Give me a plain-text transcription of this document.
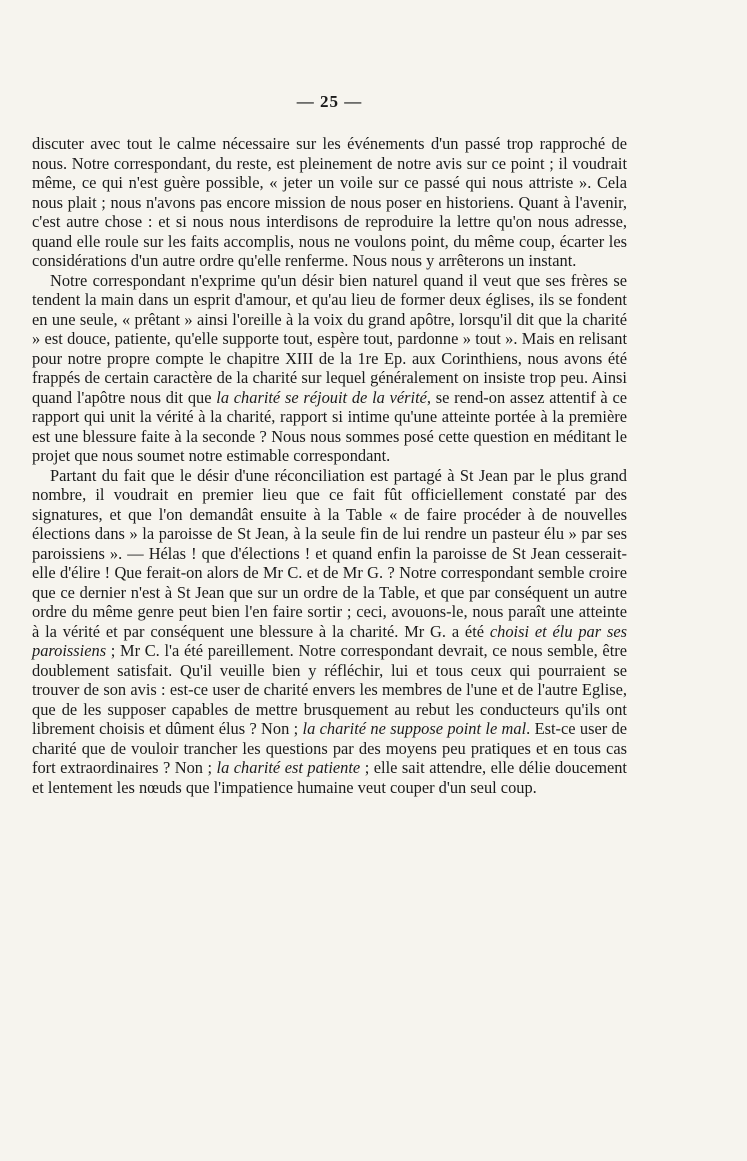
— 25 —

discuter avec tout le calme nécessaire sur les événements d'un passé trop rapproché de nous. Notre correspondant, du reste, est pleinement de notre avis sur ce point ; il voudrait même, ce qui n'est guère possible, « jeter un voile sur ce passé qui nous attriste ». Cela nous plait ; nous n'avons pas encore mission de nous poser en historiens. Quant à l'avenir, c'est autre chose : et si nous nous interdisons de reproduire la lettre qu'on nous adresse, quand elle roule sur les faits accomplis, nous ne voulons point, du même coup, écarter les considérations d'un autre ordre qu'elle renferme. Nous nous y arrêterons un instant.

Notre correspondant n'exprime qu'un désir bien naturel quand il veut que ses frères se tendent la main dans un esprit d'amour, et qu'au lieu de former deux églises, ils se fondent en une seule, « prêtant » ainsi l'oreille à la voix du grand apôtre, lorsqu'il dit que la charité » est douce, patiente, qu'elle supporte tout, espère tout, pardonne » tout ». Mais en relisant pour notre propre compte le chapitre XIII de la 1re Ep. aux Corinthiens, nous avons été frappés de certain caractère de la charité sur lequel généralement on insiste trop peu. Ainsi quand l'apôtre nous dit que la charité se réjouit de la vérité, se rend-on assez attentif à ce rapport qui unit la vérité à la charité, rapport si intime qu'une atteinte portée à la première est une blessure faite à la seconde ? Nous nous sommes posé cette question en méditant le projet que nous soumet notre estimable correspondant.

Partant du fait que le désir d'une réconciliation est partagé à St Jean par le plus grand nombre, il voudrait en premier lieu que ce fait fût officiellement constaté par des signatures, et que l'on demandât ensuite à la Table « de faire procéder à de nouvelles élections dans » la paroisse de St Jean, à la seule fin de lui rendre un pasteur élu » par ses paroissiens ». — Hélas ! que d'élections ! et quand enfin la paroisse de St Jean cesserait-elle d'élire ! Que ferait-on alors de Mr C. et de Mr G. ? Notre correspondant semble croire que ce dernier n'est à St Jean que sur un ordre de la Table, et que par conséquent un autre ordre du même genre peut bien l'en faire sortir ; ceci, avouons-le, nous paraît une atteinte à la vérité et par conséquent une blessure à la charité. Mr G. a été choisi et élu par ses paroissiens ; Mr C. l'a été pareillement. Notre correspondant devrait, ce nous semble, être doublement satisfait. Qu'il veuille bien y réfléchir, lui et tous ceux qui pourraient se trouver de son avis : est-ce user de charité envers les membres de l'une et de l'autre Eglise, que de les supposer capables de mettre brusquement au rebut les conducteurs qu'ils ont librement choisis et dûment élus ? Non ; la charité ne suppose point le mal. Est-ce user de charité que de vouloir trancher les questions par des moyens peu pratiques et en tous cas fort extraordinaires ? Non ; la charité est patiente ; elle sait attendre, elle délie doucement et lentement les nœuds que l'impatience humaine veut couper d'un seul coup.
